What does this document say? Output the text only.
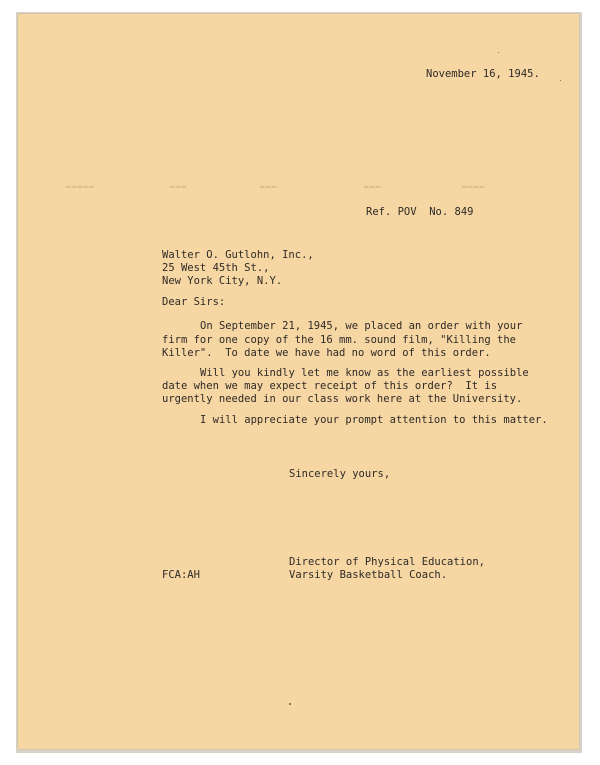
▬▬▬▬▬	▬▬▬	▬▬▬	▬▬▬	▬▬▬▬
November 16, 1945.
Ref. POV  No. 849
Walter O. Gutlohn, Inc.,
25 West 45th St.,
New York City, N.Y.
Dear Sirs:
On September 21, 1945, we placed an order with your
firm for one copy of the 16 mm. sound film, "Killing the
Killer".  To date we have had no word of this order.
Will you kindly let me know as the earliest possible
date when we may expect receipt of this order?  It is
urgently needed in our class work here at the University.
I will appreciate your prompt attention to this matter.
Sincerely yours,
Director of Physical Education,
Varsity Basketball Coach.
FCA:AH
